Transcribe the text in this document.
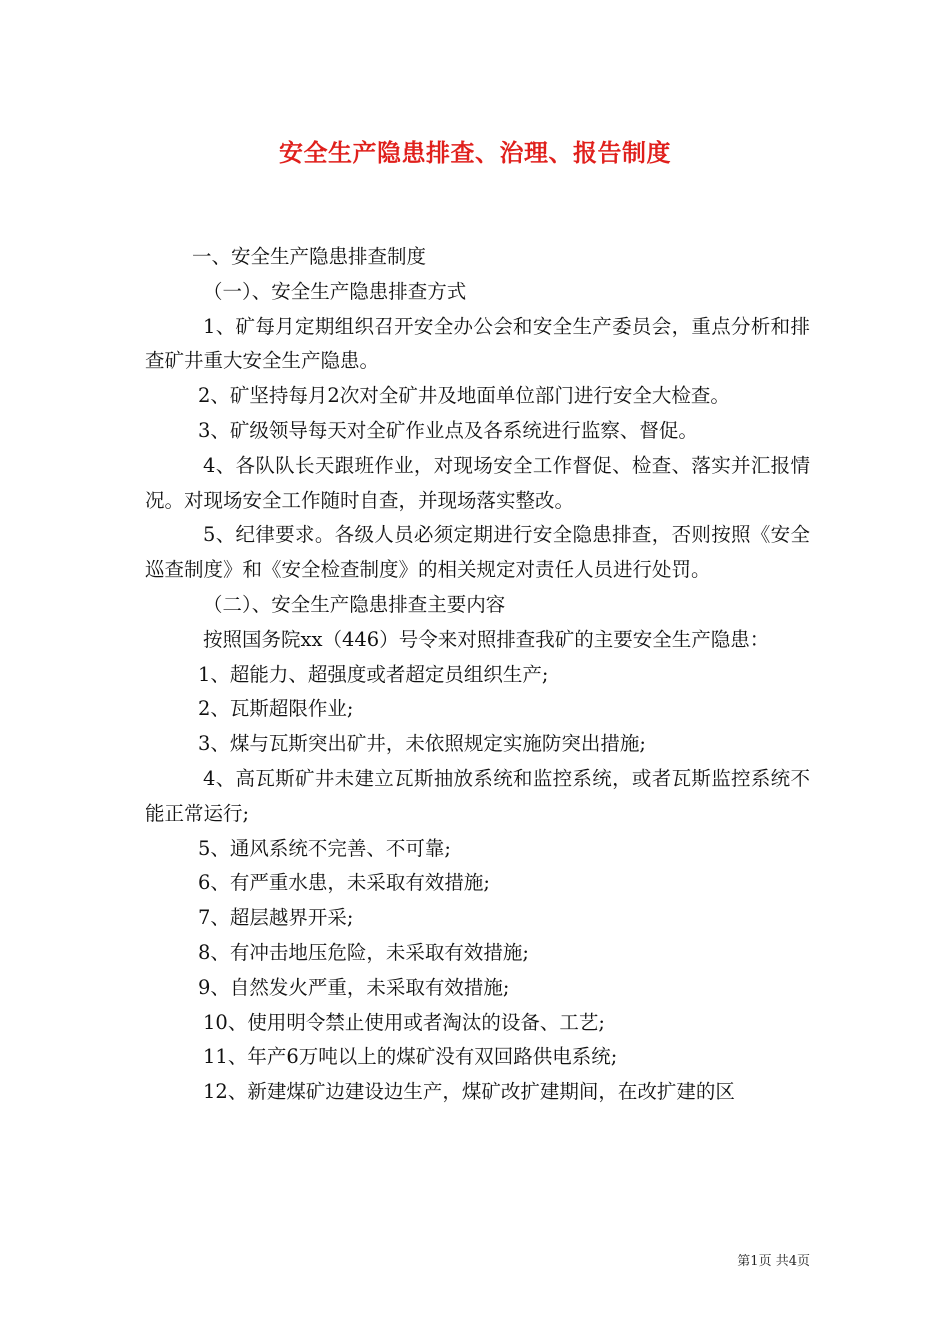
安全生产隐患排查、治理、报告制度

一、安全生产隐患排查制度

（一）、安全生产隐患排查方式

1、矿每月定期组织召开安全办公会和安全生产委员会，重点分析和排查矿井重大安全生产隐患。

2、矿坚持每月2次对全矿井及地面单位部门进行安全大检查。

3、矿级领导每天对全矿作业点及各系统进行监察、督促。

4、各队队长天跟班作业，对现场安全工作督促、检查、落实并汇报情况。对现场安全工作随时自查，并现场落实整改。

5、纪律要求。各级人员必须定期进行安全隐患排查，否则按照《安全巡查制度》和《安全检查制度》的相关规定对责任人员进行处罚。

（二）、安全生产隐患排查主要内容

按照国务院xx（446）号令来对照排查我矿的主要安全生产隐患：

1、超能力、超强度或者超定员组织生产;

2、瓦斯超限作业;

3、煤与瓦斯突出矿井，未依照规定实施防突出措施;

4、高瓦斯矿井未建立瓦斯抽放系统和监控系统，或者瓦斯监控系统不能正常运行;

5、通风系统不完善、不可靠;

6、有严重水患，未采取有效措施;

7、超层越界开采;

8、有冲击地压危险，未采取有效措施;

9、自然发火严重，未采取有效措施;

10、使用明令禁止使用或者淘汰的设备、工艺;

11、年产6万吨以上的煤矿没有双回路供电系统;

12、新建煤矿边建设边生产，煤矿改扩建期间，在改扩建的区

第1页 共4页
